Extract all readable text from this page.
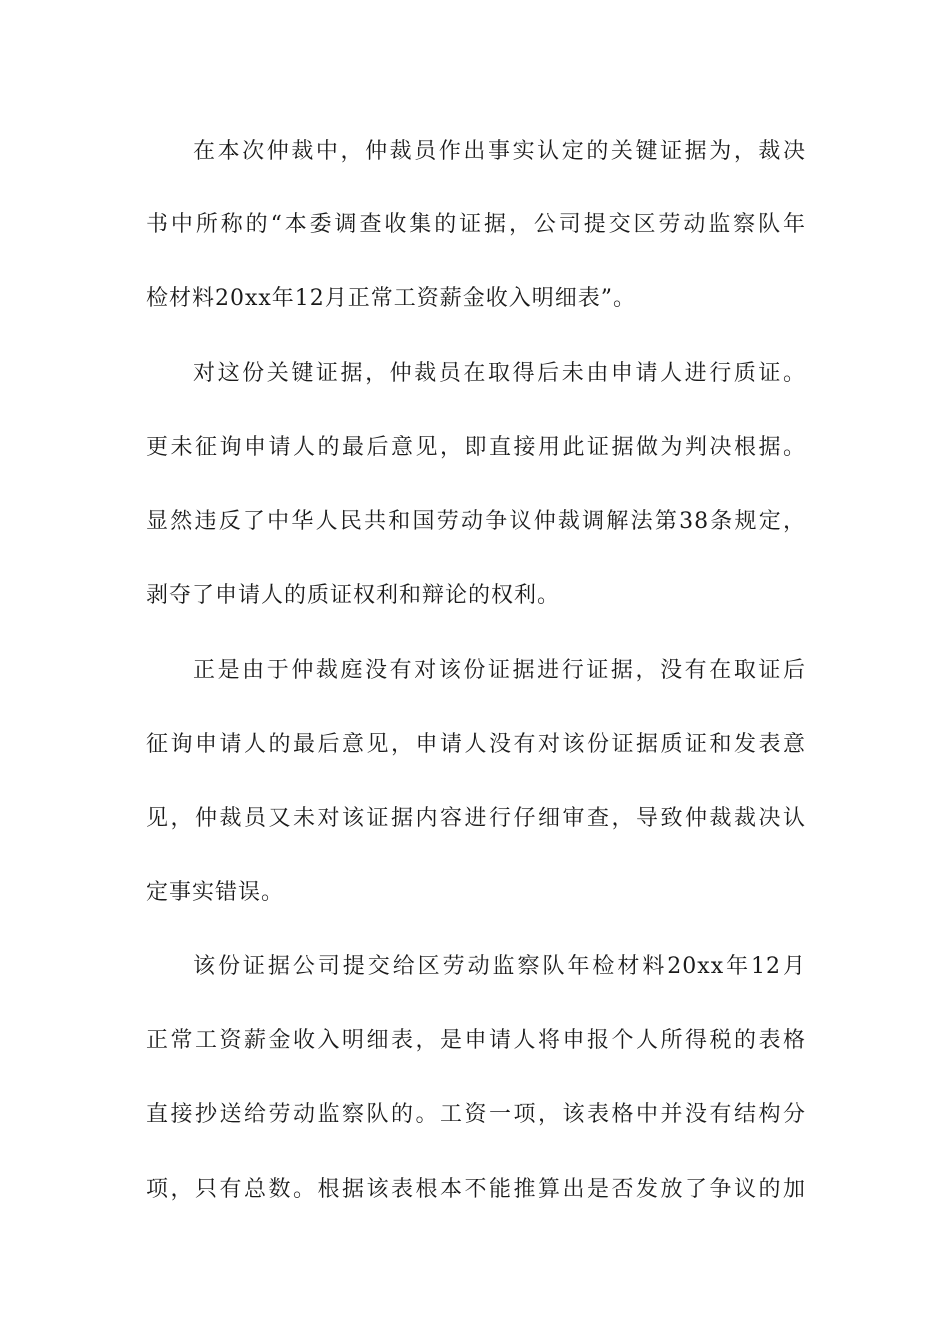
在本次仲裁中，仲裁员作出事实认定的关键证据为，裁决
书中所称的“本委调查收集的证据，公司提交区劳动监察队年
检材料20xx年12月正常工资薪金收入明细表”。
对这份关键证据，仲裁员在取得后未由申请人进行质证。
更未征询申请人的最后意见，即直接用此证据做为判决根据。
显然违反了中华人民共和国劳动争议仲裁调解法第38条规定，
剥夺了申请人的质证权利和辩论的权利。
正是由于仲裁庭没有对该份证据进行证据，没有在取证后
征询申请人的最后意见，申请人没有对该份证据质证和发表意
见，仲裁员又未对该证据内容进行仔细审查，导致仲裁裁决认
定事实错误。
该份证据公司提交给区劳动监察队年检材料20xx年12月
正常工资薪金收入明细表，是申请人将申报个人所得税的表格
直接抄送给劳动监察队的。工资一项，该表格中并没有结构分
项，只有总数。根据该表根本不能推算出是否发放了争议的加
